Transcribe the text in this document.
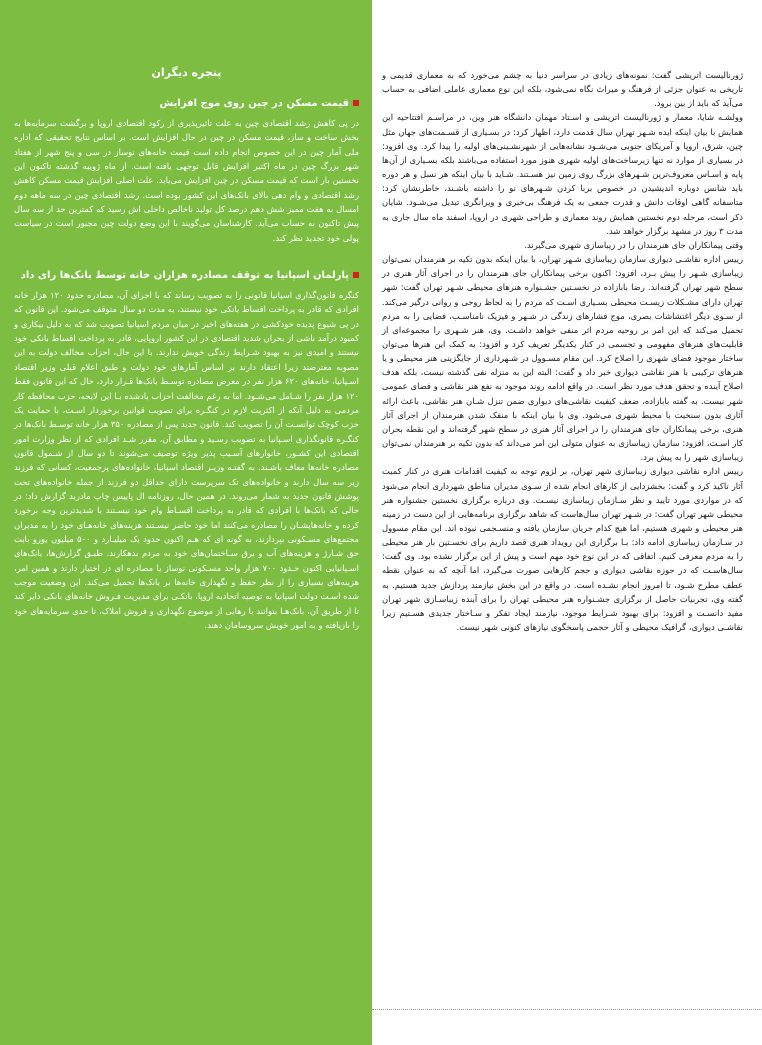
پنجره دیگران
قیمت مسکن در چین روی موج افزایش

در پی کاهش رشد اقتصادی چین به علت تاثیرپذیری از رکود اقتصادی اروپا و برگشت سرمایه‌ها به بخش ساخت و ساز، قیمت مسکن در چین در حال افزایش است. بر اساس نتایج تحقیقی که اداره ملی آمار چین در این خصوص انجام داده است قیمت خانه‌های نوساز در سی و پنج شهر از هفتاد شهر بزرگ چین در ماه اکتبر افزایش قابل توجهی یافته است. از ماه ژوییه گذشته تاکنون این نخستین بار است که قیمت مسکن در چین افزایش می‌یابد. علت اصلی افزایش قیمت مسکن کاهش رشد اقتصادی و وام دهی بالای بانک‌های این کشور بوده است. رشد اقتصادی چین در سه ماهه دوم امسال به هفت ممیز شش دهم درصد کل تولید ناخالص داخلی اش رسید که کمترین حد از سه سال پیش تاکنون به حساب می‌آید. کارشناسان می‌گویند با این وضع دولت چین مجبور است در سیاست پولی خود تجدید نظر کند.

پارلمان اسپانیا به توقف مصادره هزاران خانه توسط بانک‌ها رای داد

کنگره قانون‌گذاری اسپانیا قانونی را به تصویب رساند که با اجرای آن، مصادره حدود ۱۲۰ هزار خانه افرادی که قادر به پرداخت اقساط بانکی خود نیستند، به مدت دو سال متوقف می‌شود. این قانون که در پی شیوع پدیده خودکشی در هفته‌های اخیر در میان مردم اسپانیا تصویب شد که به دلیل بیکاری و کمبود درآمد ناشی از بحران شدید اقتصادی در این کشور اروپایی، قادر به پرداخت اقساط بانکی خود نیستند و امیدی نیز به بهبود شـرایط زندگی خویش ندارند. با این حال، احزاب مخالف دولت به این مصوبه معترضند زیرا اعتقاد دارند بر اساس آمارهای خود دولت و طبق اعلام قبلی وزیر اقتصاد اسـپانیا، خانه‌های ۶۲۰ هزار نفر در معرض مصادره توسـط بانک‌ها قـرار دارد، حال که این قانون فقط ۱۲۰ هزار نفر را شـامل می‌شـود. اما به رغم مخالفت احزاب یادشده بـا این لایحه، حزب محافظه کار مردمی به دلیل آنکه از اکثریت لازم در کنگـره برای تصویب قوانین برخوردار اسـت، با حمایت یک حزب کوچک توانسـت آن را تصویب کند. قانون جدید پس از مصادره ۳۵۰ هزار خانه توسـط بانک‌ها در کنگـره قانونگذاری اسـپانیا به تصویب رسـید و مطابق آن، مقرر شـد افرادی که از نظر وزارت امور اقتصادی این کشـور، خانوارهای آسـیب پذیر ویژه توصیف می‌شوند تا دو سال از شـمول قانون مصادره خانه‌ها معاف باشـند. به گفتـه وزیـر اقتصاد اسپانیا، خانواده‌های پرجمعیت، کسانی که فرزند زیر سه سال دارند و خانواده‌های تک سرپرست دارای حداقل دو فرزند از جمله خانواده‌های تحت پوشش قانون جدید به شمار می‌روند. در همین حال، روزنامه ال پاییس چاپ مادرید گزارش داد: در حالی که بانک‌ها با افرادی که قادر به پرداخت اقسـاط وام خود نیسـتند با شدیدترین وجه برخورد کرده و خانه‌هایشـان را مصادره می‌کنند اما خود حاضر نیسـتند هزینه‌های خانه‌هـای خود را به مدیران مجتمع‌های مسـکونی بپردازند، به گونه ای که هـم اکنون حدود یک میلیـارد و ۵۰۰ میلیون یورو بابت حق شـارژ و هزینه‌های آب و برق سـاختمان‌های خود به مردم بدهکارند. طبـق گزارش‌ها، بانک‌های اسـپانیایی اکنون حـدود ۷۰۰ هزار واحد مسـکونی نوساز یا مصادره ای در اختیار دارند و همین امر، هزینه‌های بسیاری را از نظر حفظ و نگهداری خانه‌ها بر بانک‌ها تحمیل می‌کند. این وضعیت موجب شده اسـت دولت اسپانیا به توصیه اتحادیه اروپا، بانکـی برای مدیریت فـروش خانه‌های بانکی دایر کند تا از طریق آن، بانک‌هـا بتوانند با رهایی از موضوع نگهداری و فروش املاک، تا حدی سرمایه‌های خود را بازیافته و به امور خویش سروسامان دهند.

ژورنالیست اتریشی گفت: نمونه‌های زیادی در سراسر دنیا به چشم می‌خورد که به معماری قدیمی و تاریخی به عنوان جزئی از فرهنگ و میراث نگاه نمی‌شود، بلکه این نوع معماری عاملی اضافی به حساب می‌آید که باید از بین برود.

وولشـه شایا، معمار و ژورنالیست اتریشی و اسـتاد مهمان دانشگاه هنر وین، در مراسـم افتتاحیه این همایش با بیان اینکه ایده شـهر تهران سال قدمت دارد، اظهار کرد: در بسـیاری از قسـمت‌های جهان مثل چین، شرق، اروپا و آمریکای جنوبی می‌شـود نشانه‌هایی از شهرنشـینی‌های اولیه را پیدا کرد. وی افزود: در بسیاری از موارد نه تنها زیرساخت‌های اولیه شهری هنوز مورد استفاده می‌باشند بلکه بسـیاری از آن‌ها پایه و اسـاس معروف‌ترین شـهرهای بزرگ روی زمین نیز هسـتند. شـاید با بیان اینکه هر نسل و هر دوره باید شانس دوباره اندیشیدن در خصوص بربا کردن شـهرهای نو را داشته باشـند، خاطرنشان کرد: متاسفانه گاهی اوقات دانش و قدرت جمعی به یک فرهنگ بی‌خبری و ویرانگری تبدیل می‌شـود. شایان ذکر است، مرحله دوم نخستین همایش روند معماری و طراحی شهری در اروپا، اسفند ماه سال جاری به مدت ۳ روز در مشهد برگزار خواهد شد.

وقتی پیمانکاران جای هنرمندان را در زیباسازی شهری می‌گیرند.

رییس اداره نقاشـی دیواری سازمان زیباسازی شـهر تهران، با بیان اینکه بدون تکیه بر هنرمندان نمی‌توان زیباسازی شـهر را پیش بـرد، افزود: اکنون برخی پیمانکاران جای هنرمندان را در اجرای آثار هنری در سطح شهر تهران گرفته‌اند. رضا بابازاده در نخسـتین جشـنواره هنرهای محیطی شـهر تهران گفت: شهر تهران دارای مشـکلات زیسـت محیطی بسـیاری اسـت که مردم را به لحاظ روحی و روانی درگیر می‌کند. از سـوی دیگر اغتشاشات بصری، موج فشارهای زندگی در شـهر و فیزیک نامناسـب، فضایی را به مردم تحمیل می‌کند که این امر بر روحیه مردم اثر منفی خواهد داشـت. وی، هنر شـهری را مجموعه‌ای از قابلیت‌های هنرهای مفهومی و تجسمی در کنار یکدیگر تعریف کرد و افزود: به کمک این هنرها می‌توان ساختار موجود فضای شهری را اصلاح کرد. این مقام مسـوول در شـهرداری از جایگزینی هنر محیطی و یا هنرهای ترکیبی با هنر نقاشی دیواری خبر داد و گفت: البته این به منزله نفی گذشته نیست، بلکه هدف اصلاح آینده و تحقق هدف مورد نظر است. در واقع ادامه روند موجود به نفع هنر نقاشی و فضای عمومی شهر نیست. به گفته بابازاده، ضعف کیفیت نقاشی‌های دیواری ضمن تنزل شـان هنر نقاشی، باعث ارائه آثاری بدون سنخیت با محیط شهری می‌شود. وی با بیان اینکه با منفک شدن هنرمندان از اجرای آثار هنری، برخی پیمانکاران جای هنرمندان را در اجرای آثار هنری در سطح شهر گرفته‌اند و این نقطه بحران کار اسـت، افزود: سازمان زیباسازی به عنوان متولی این امر می‌داند که بدون تکیه بر هنرمندان نمی‌توان زیباسازی شهر را به پیش برد.

رییس اداره نقاشی دیواری زیباسازی شهر تهران، بر لزوم توجه به کیفیت اقدامات هنری در کنار کمیت آثار تاکید کرد و گفت: بخشزدایی از کارهای انجام شده از سـوی مدیران مناطق شهرداری انجام می‌شود که در مواردی مورد تایید و نظر سـازمان زیباسازی نیسـت. وی درباره برگزاری نخستین جشنواره هنر محیطی شهر تهران گفت: در شـهر تهران سال‌هاست که شاهد برگزاری برنامه‌هایی از این دست در زمینه هنر محیطی و شهری هستیم، اما هیچ کدام جریان سازمان یافته و منسـجمی نبوده اند. این مقام مسوول در سـازمان زیباسازی ادامه داد: بـا برگزاری این رویداد هنری قصد داریم برای نخسـتین بار هنر محیطی را به مردم معرفی کنیم. اتفاقی که در این نوع خود مهم است و پیش از این برگزار نشده بود. وی گفت: سال‌هاسـت که در حوزه نقاشی دیواری و حجم کارهایی صورت می‌گیرد، اما آنچه که به عنوان نقطه عطف مطرح شـود، تا امروز انجام نشـده است. در واقع در این بخش نیازمند پردازش جدید هستیم. به گفته وی، تجربیات حاصل از برگزاری جشـنواره هنر محیطی تهران را برای آینده زیباسـازی شهر تهران مفید دانسـت و افزود: برای بهبود شـرایط موجود، نیازمند ایجاد تفکر و سـاختار جدیدی هسـتیم زیرا نقاشـی دیواری، گرافیک محیطی و آثار حجمی پاسخگوی نیازهای کنونی شهر نیست.
